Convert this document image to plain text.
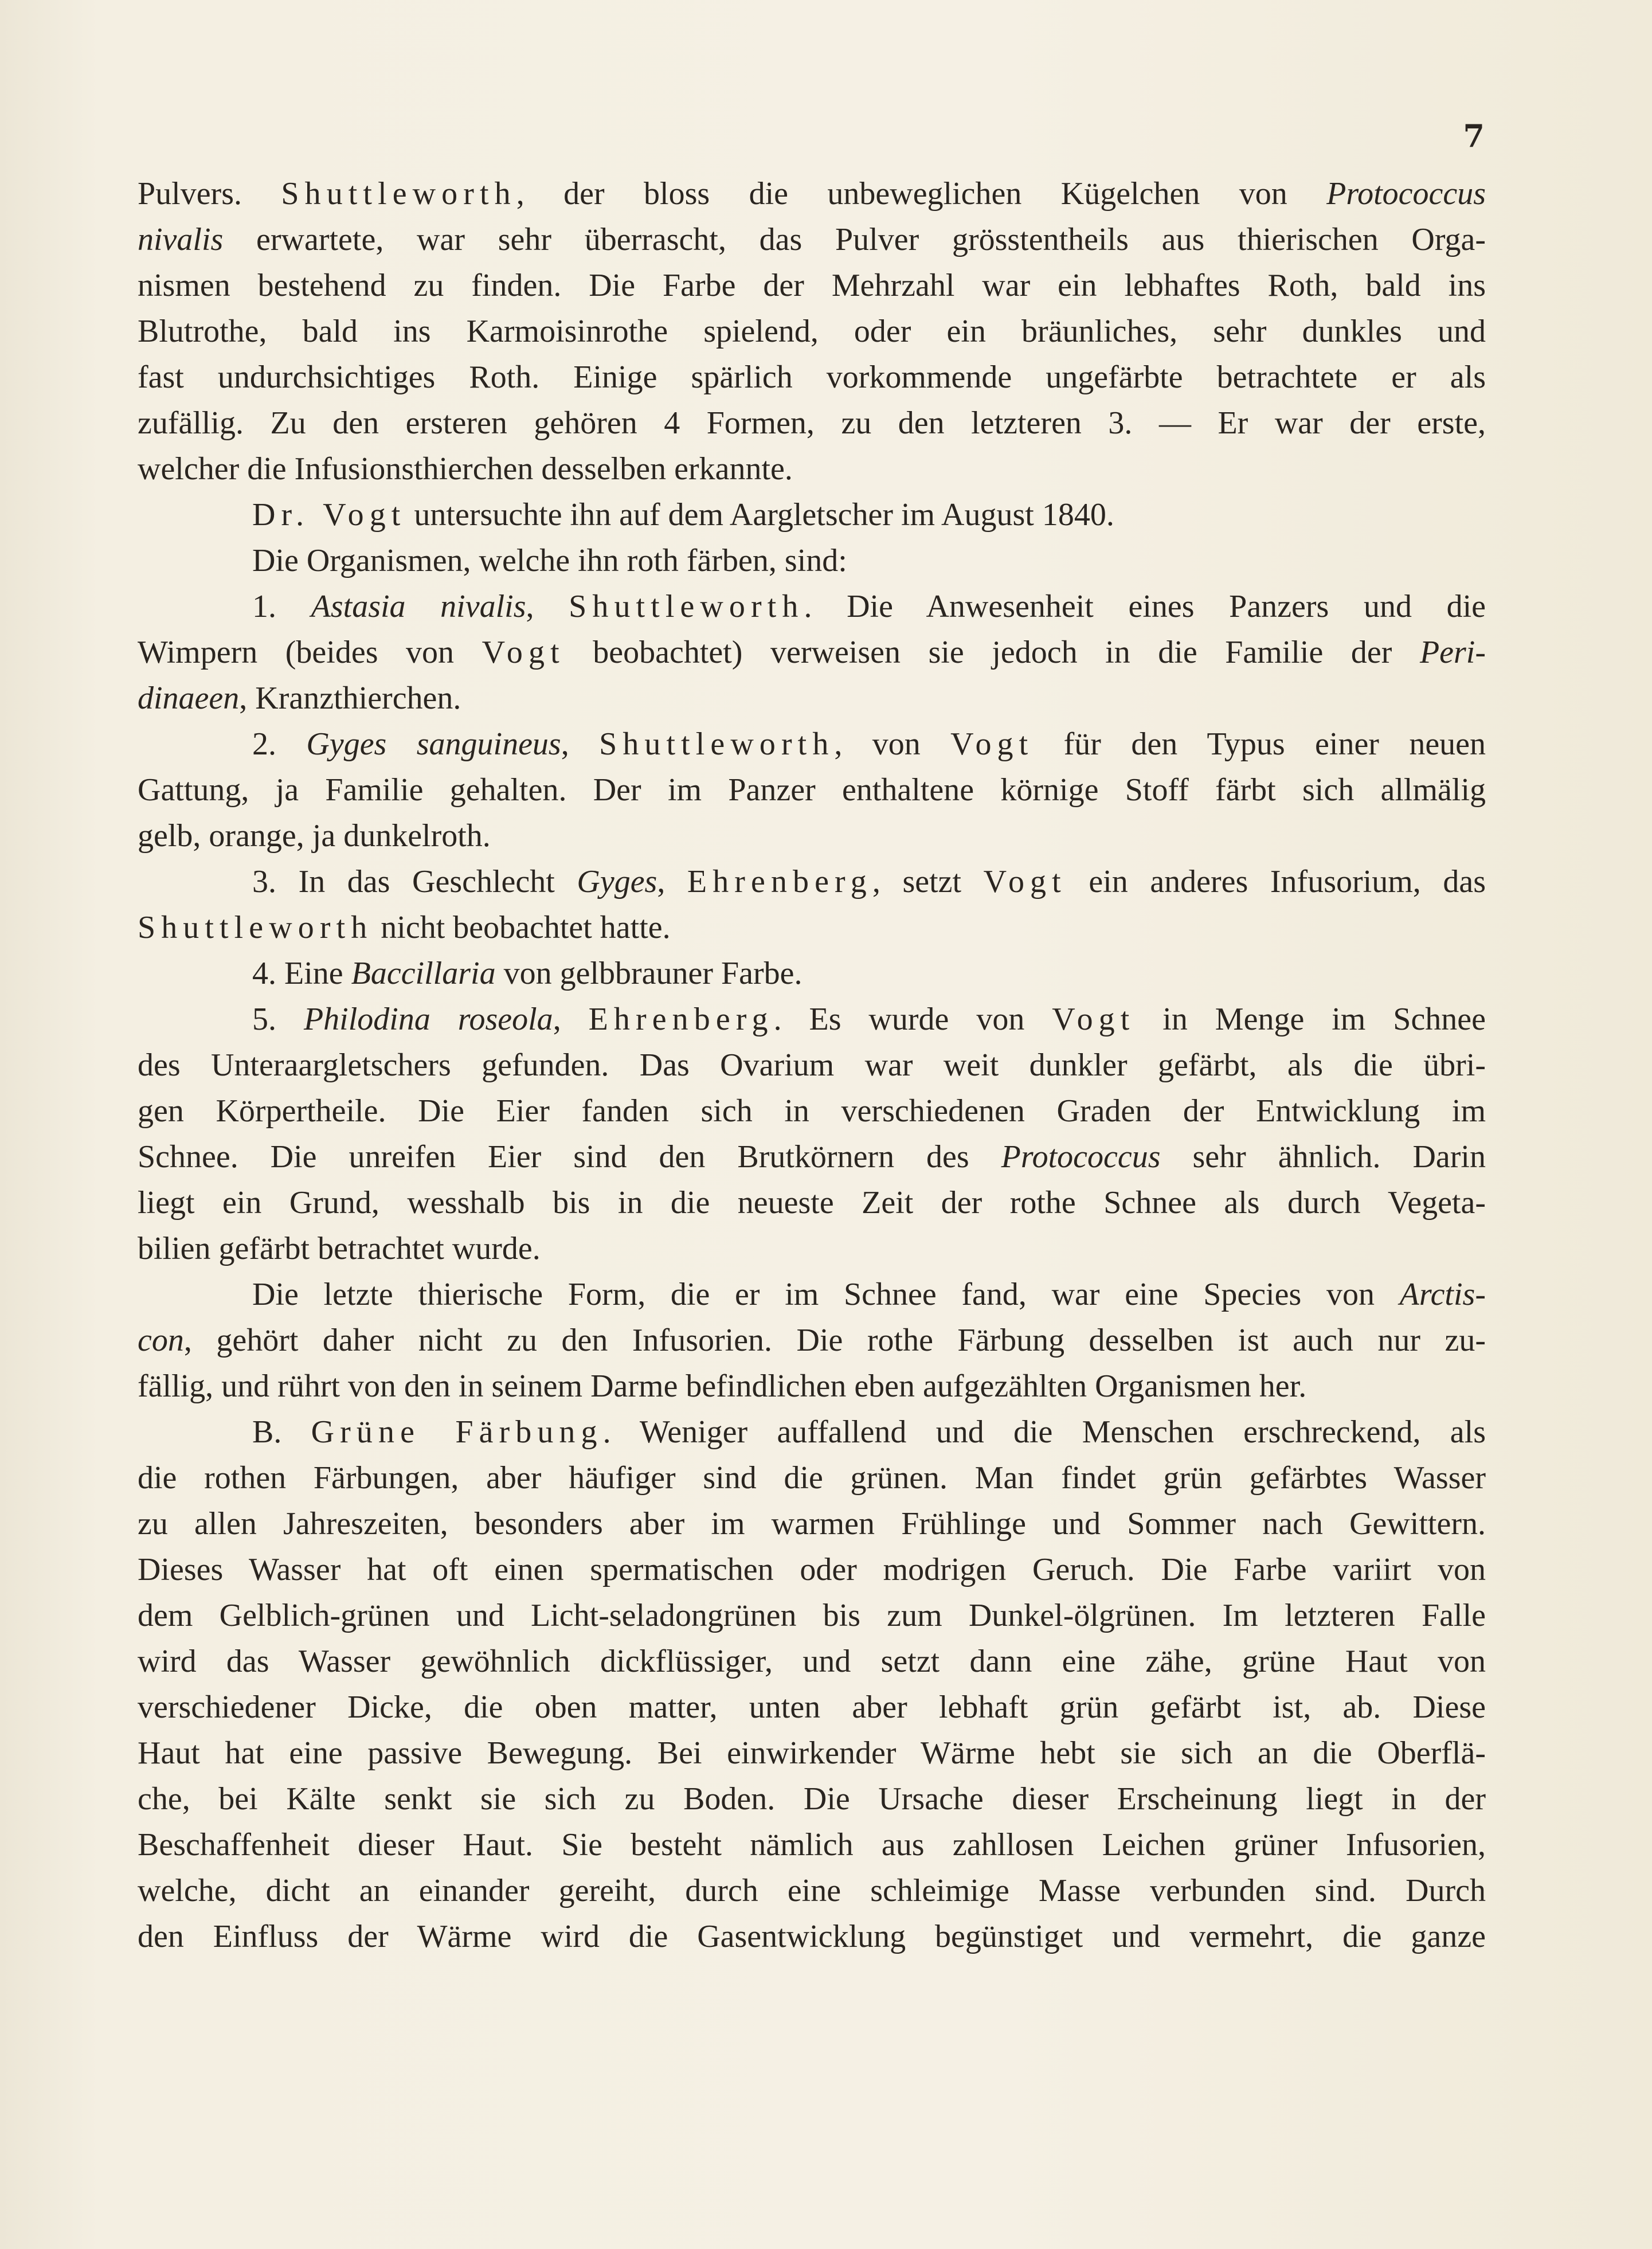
7
Pulvers. Shuttleworth, der bloss die unbeweglichen Kügelchen von Protococcus
nivalis erwartete, war sehr überrascht, das Pulver grösstentheils aus thierischen Orga-
nismen bestehend zu finden. Die Farbe der Mehrzahl war ein lebhaftes Roth, bald ins
Blutrothe, bald ins Karmoisinrothe spielend, oder ein bräunliches, sehr dunkles und
fast undurchsichtiges Roth. Einige spärlich vorkommende ungefärbte betrachtete er als
zufällig. Zu den ersteren gehören 4 Formen, zu den letzteren 3. — Er war der erste,
welcher die Infusionsthierchen desselben erkannte.
Dr. Vogt untersuchte ihn auf dem Aargletscher im August 1840.
Die Organismen, welche ihn roth färben, sind:
1. Astasia nivalis, Shuttleworth. Die Anwesenheit eines Panzers und die
Wimpern (beides von Vogt beobachtet) verweisen sie jedoch in die Familie der Peri-
dinaeen, Kranzthierchen.
2. Gyges sanguineus, Shuttleworth, von Vogt für den Typus einer neuen
Gattung, ja Familie gehalten. Der im Panzer enthaltene körnige Stoff färbt sich allmälig
gelb, orange, ja dunkelroth.
3. In das Geschlecht Gyges, Ehrenberg, setzt Vogt ein anderes Infusorium, das
Shuttleworth nicht beobachtet hatte.
4. Eine Baccillaria von gelbbrauner Farbe.
5. Philodina roseola, Ehrenberg. Es wurde von Vogt in Menge im Schnee
des Unteraargletschers gefunden. Das Ovarium war weit dunkler gefärbt, als die übri-
gen Körpertheile. Die Eier fanden sich in verschiedenen Graden der Entwicklung im
Schnee. Die unreifen Eier sind den Brutkörnern des Protococcus sehr ähnlich. Darin
liegt ein Grund, wesshalb bis in die neueste Zeit der rothe Schnee als durch Vegeta-
bilien gefärbt betrachtet wurde.
Die letzte thierische Form, die er im Schnee fand, war eine Species von Arctis-
con, gehört daher nicht zu den Infusorien. Die rothe Färbung desselben ist auch nur zu-
fällig, und rührt von den in seinem Darme befindlichen eben aufgezählten Organismen her.
B. Grüne Färbung. Weniger auffallend und die Menschen erschreckend, als
die rothen Färbungen, aber häufiger sind die grünen. Man findet grün gefärbtes Wasser
zu allen Jahreszeiten, besonders aber im warmen Frühlinge und Sommer nach Gewittern.
Dieses Wasser hat oft einen spermatischen oder modrigen Geruch. Die Farbe variirt von
dem Gelblich-grünen und Licht-seladongrünen bis zum Dunkel-ölgrünen. Im letzteren Falle
wird das Wasser gewöhnlich dickflüssiger, und setzt dann eine zähe, grüne Haut von
verschiedener Dicke, die oben matter, unten aber lebhaft grün gefärbt ist, ab. Diese
Haut hat eine passive Bewegung. Bei einwirkender Wärme hebt sie sich an die Oberflä-
che, bei Kälte senkt sie sich zu Boden. Die Ursache dieser Erscheinung liegt in der
Beschaffenheit dieser Haut. Sie besteht nämlich aus zahllosen Leichen grüner Infusorien,
welche, dicht an einander gereiht, durch eine schleimige Masse verbunden sind. Durch
den Einfluss der Wärme wird die Gasentwicklung begünstiget und vermehrt, die ganze
